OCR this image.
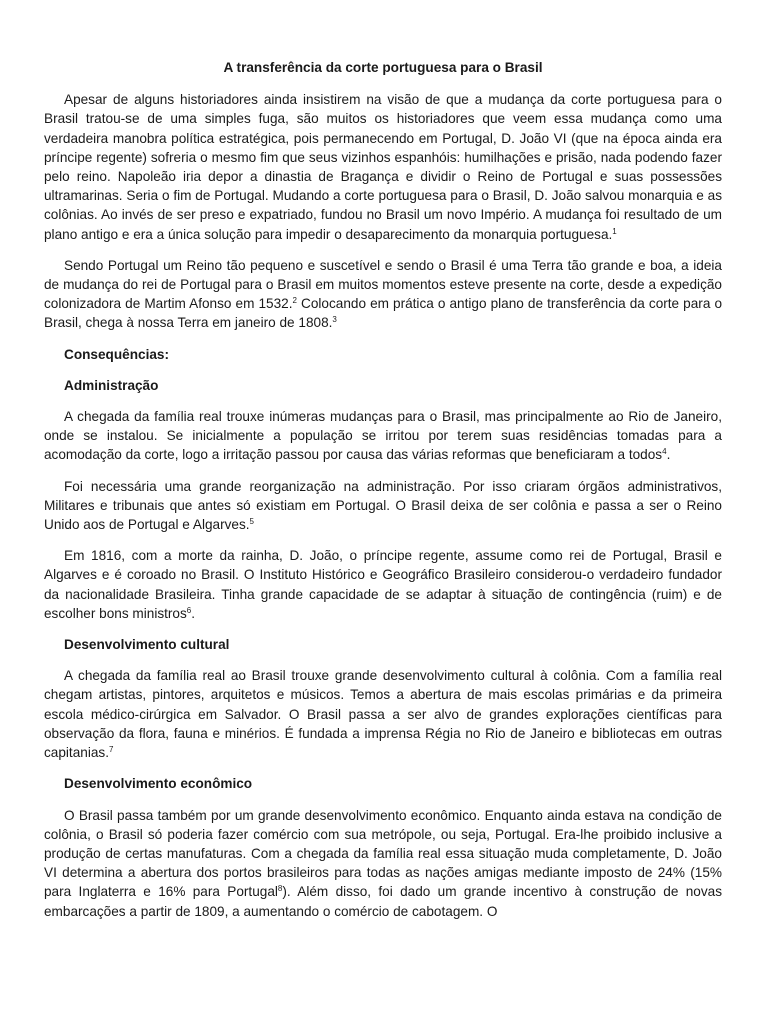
A transferência da corte portuguesa para o Brasil

Apesar de alguns historiadores ainda insistirem na visão de que a mudança da corte portuguesa para o Brasil tratou-se de uma simples fuga, são muitos os historiadores que veem essa mudança como uma verdadeira manobra política estratégica, pois permanecendo em Portugal, D. João VI (que na época ainda era príncipe regente) sofreria o mesmo fim que seus vizinhos espanhóis: humilhações e prisão, nada podendo fazer pelo reino. Napoleão iria depor a dinastia de Bragança e dividir o Reino de Portugal e suas possessões ultramarinas. Seria o fim de Portugal. Mudando a corte portuguesa para o Brasil, D. João salvou monarquia e as colônias. Ao invés de ser preso e expatriado, fundou no Brasil um novo Império. A mudança foi resultado de um plano antigo e era a única solução para impedir o desaparecimento da monarquia portuguesa.$^1$

Sendo Portugal um Reino tão pequeno e suscetível e sendo o Brasil é uma Terra tão grande e boa, a ideia de mudança do rei de Portugal para o Brasil em muitos momentos esteve presente na corte, desde a expedição colonizadora de Martim Afonso em 1532.$^2$ Colocando em prática o antigo plano de transferência da corte para o Brasil, chega à nossa Terra em janeiro de 1808.$^3$

Consequências:
Administração

A chegada da família real trouxe inúmeras mudanças para o Brasil, mas principalmente ao Rio de Janeiro, onde se instalou. Se inicialmente a população se irritou por terem suas residências tomadas para a acomodação da corte, logo a irritação passou por causa das várias reformas que beneficiaram a todos$^4$.

Foi necessária uma grande reorganização na administração. Por isso criaram órgãos administrativos, Militares e tribunais que antes só existiam em Portugal. O Brasil deixa de ser colônia e passa a ser o Reino Unido aos de Portugal e Algarves.$^5$

Em 1816, com a morte da rainha, D. João, o príncipe regente, assume como rei de Portugal, Brasil e Algarves e é coroado no Brasil. O Instituto Histórico e Geográfico Brasileiro considerou-o verdadeiro fundador da nacionalidade Brasileira. Tinha grande capacidade de se adaptar à situação de contingência (ruim) e de escolher bons ministros$^6$.

Desenvolvimento cultural

A chegada da família real ao Brasil trouxe grande desenvolvimento cultural à colônia. Com a família real chegam artistas, pintores, arquitetos e músicos. Temos a abertura de mais escolas primárias e da primeira escola médico-cirúrgica em Salvador. O Brasil passa a ser alvo de grandes explorações científicas para observação da flora, fauna e minérios. É fundada a imprensa Régia no Rio de Janeiro e bibliotecas em outras capitanias.$^7$

Desenvolvimento econômico

O Brasil passa também por um grande desenvolvimento econômico. Enquanto ainda estava na condição de colônia, o Brasil só poderia fazer comércio com sua metrópole, ou seja, Portugal. Era-lhe proibido inclusive a produção de certas manufaturas. Com a chegada da família real essa situação muda completamente, D. João VI determina a abertura dos portos brasileiros para todas as nações amigas mediante imposto de 24% (15% para Inglaterra e 16% para Portugal$^8$). Além disso, foi dado um grande incentivo à construção de novas embarcações a partir de 1809, a aumentando o comércio de cabotagem. O
